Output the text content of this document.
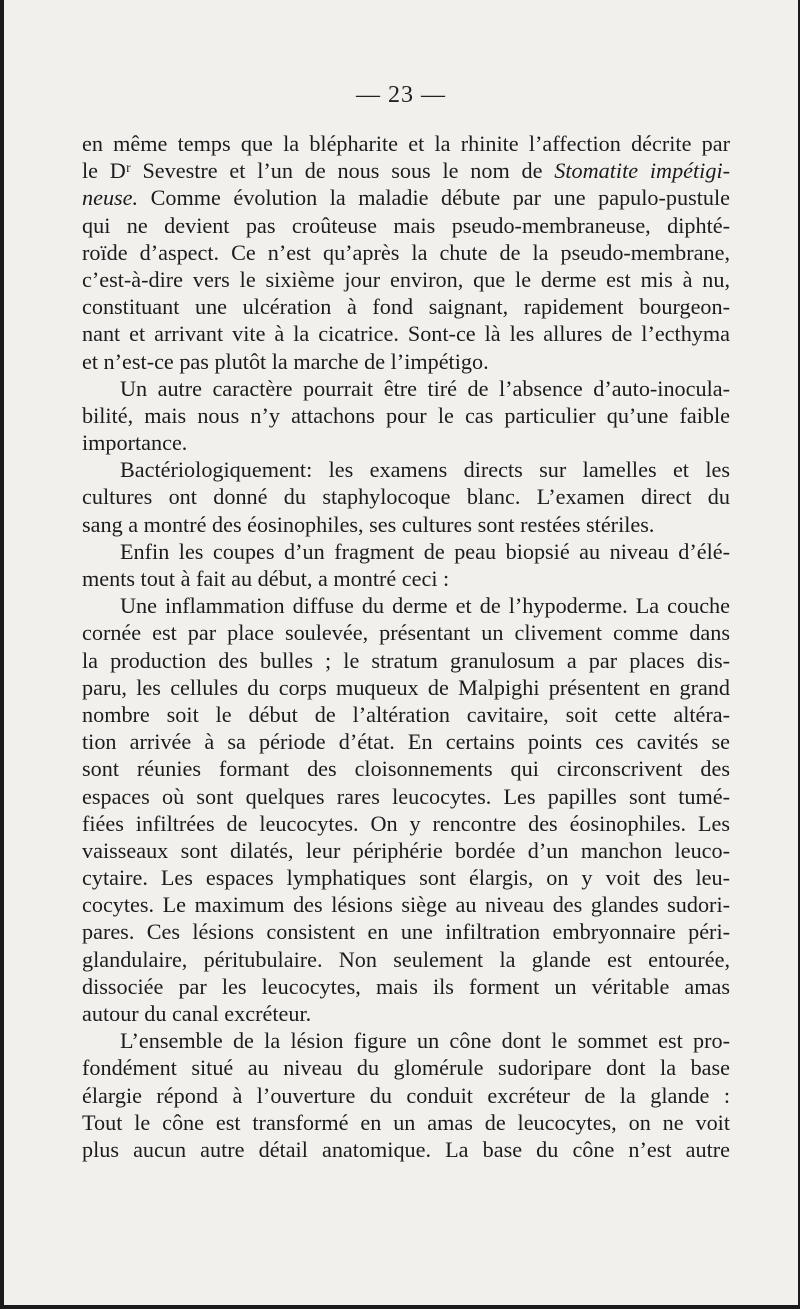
— 23 —
en même temps que la blépharite et la rhinite l’affection décrite par
le Dʳ Sevestre et l’un de nous sous le nom de Stomatite impétigi-
neuse. Comme évolution la maladie débute par une papulo-pustule
qui ne devient pas croûteuse mais pseudo-membraneuse, diphté-
roïde d’aspect. Ce n’est qu’après la chute de la pseudo-membrane,
c’est-à-dire vers le sixième jour environ, que le derme est mis à nu,
constituant une ulcération à fond saignant, rapidement bourgeon-
nant et arrivant vite à la cicatrice. Sont-ce là les allures de l’ecthyma
et n’est-ce pas plutôt la marche de l’impétigo.
Un autre caractère pourrait être tiré de l’absence d’auto-inocula-
bilité, mais nous n’y attachons pour le cas particulier qu’une faible
importance.
Bactériologiquement: les examens directs sur lamelles et les
cultures ont donné du staphylocoque blanc. L’examen direct du
sang a montré des éosinophiles, ses cultures sont restées stériles.
Enfin les coupes d’un fragment de peau biopsié au niveau d’élé-
ments tout à fait au début, a montré ceci :
Une inflammation diffuse du derme et de l’hypoderme. La couche
cornée est par place soulevée, présentant un clivement comme dans
la production des bulles ; le stratum granulosum a par places dis-
paru, les cellules du corps muqueux de Malpighi présentent en grand
nombre soit le début de l’altération cavitaire, soit cette altéra-
tion arrivée à sa période d’état. En certains points ces cavités se
sont réunies formant des cloisonnements qui circonscrivent des
espaces où sont quelques rares leucocytes. Les papilles sont tumé-
fiées infiltrées de leucocytes. On y rencontre des éosinophiles. Les
vaisseaux sont dilatés, leur périphérie bordée d’un manchon leuco-
cytaire. Les espaces lymphatiques sont élargis, on y voit des leu-
cocytes. Le maximum des lésions siège au niveau des glandes sudori-
pares. Ces lésions consistent en une infiltration embryonnaire péri-
glandulaire, péritubulaire. Non seulement la glande est entourée,
dissociée par les leucocytes, mais ils forment un véritable amas
autour du canal excréteur.
L’ensemble de la lésion figure un cône dont le sommet est pro-
fondément situé au niveau du glomérule sudoripare dont la base
élargie répond à l’ouverture du conduit excréteur de la glande :
Tout le cône est transformé en un amas de leucocytes, on ne voit
plus aucun autre détail anatomique. La base du cône n’est autre
